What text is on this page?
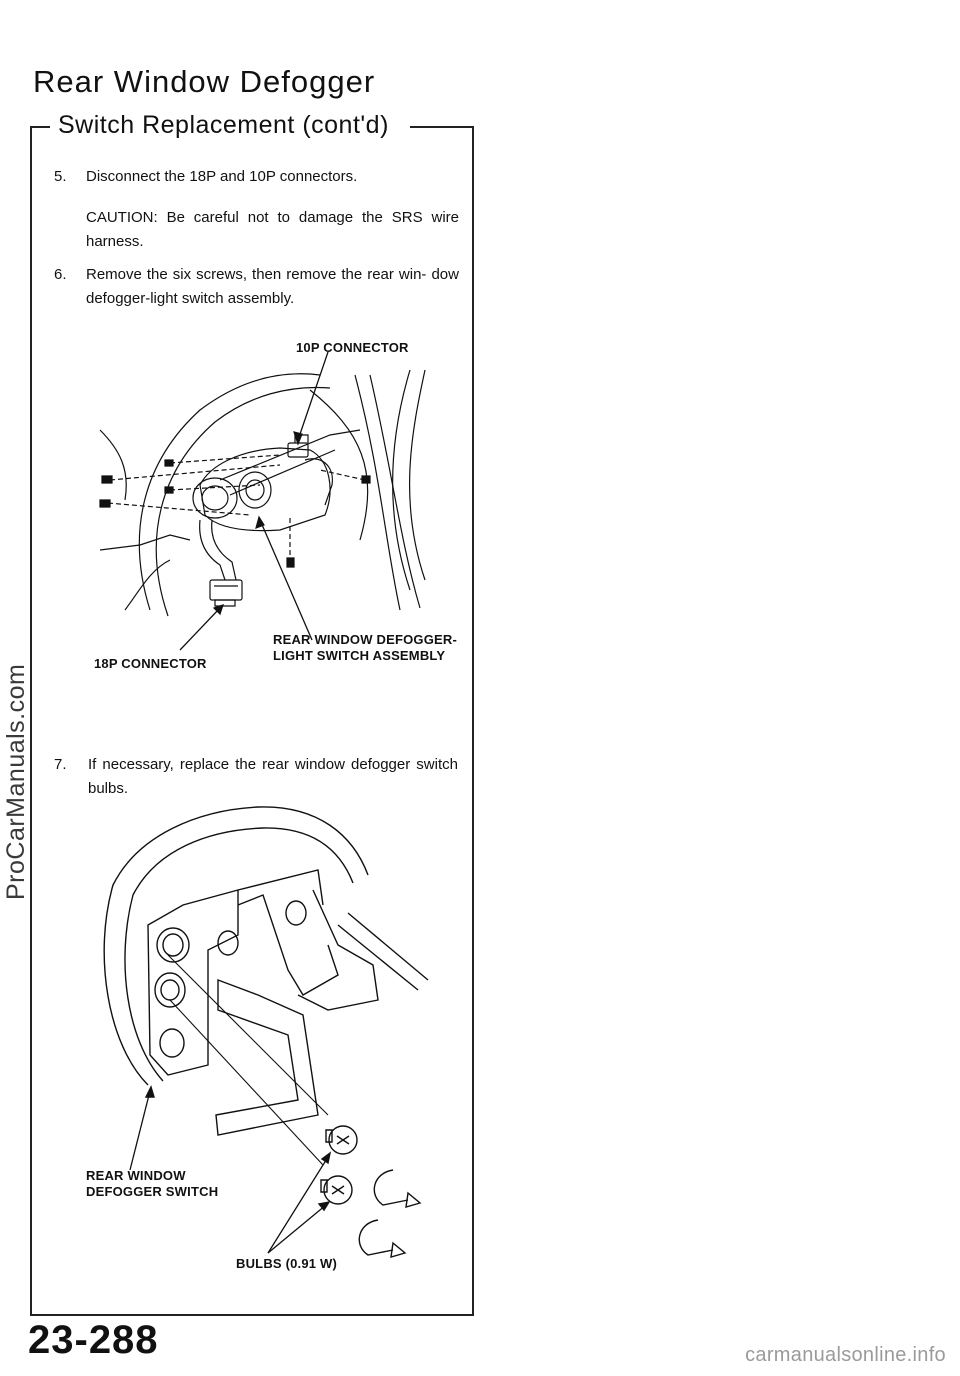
Rear Window Defogger
Switch Replacement (cont'd)
5. Disconnect the 18P and 10P connectors.
CAUTION: Be careful not to damage the SRS wire harness.
6. Remove the six screws, then remove the rear win- dow defogger-light switch assembly.
10P CONNECTOR
REAR WINDOW DEFOGGER-
LIGHT SWITCH ASSEMBLY
18P CONNECTOR
7. If necessary, replace the rear window defogger switch bulbs.
REAR WINDOW
DEFOGGER SWITCH
BULBS (0.91 W)
23-288
ProCarManuals.com
carmanualsonline.info
